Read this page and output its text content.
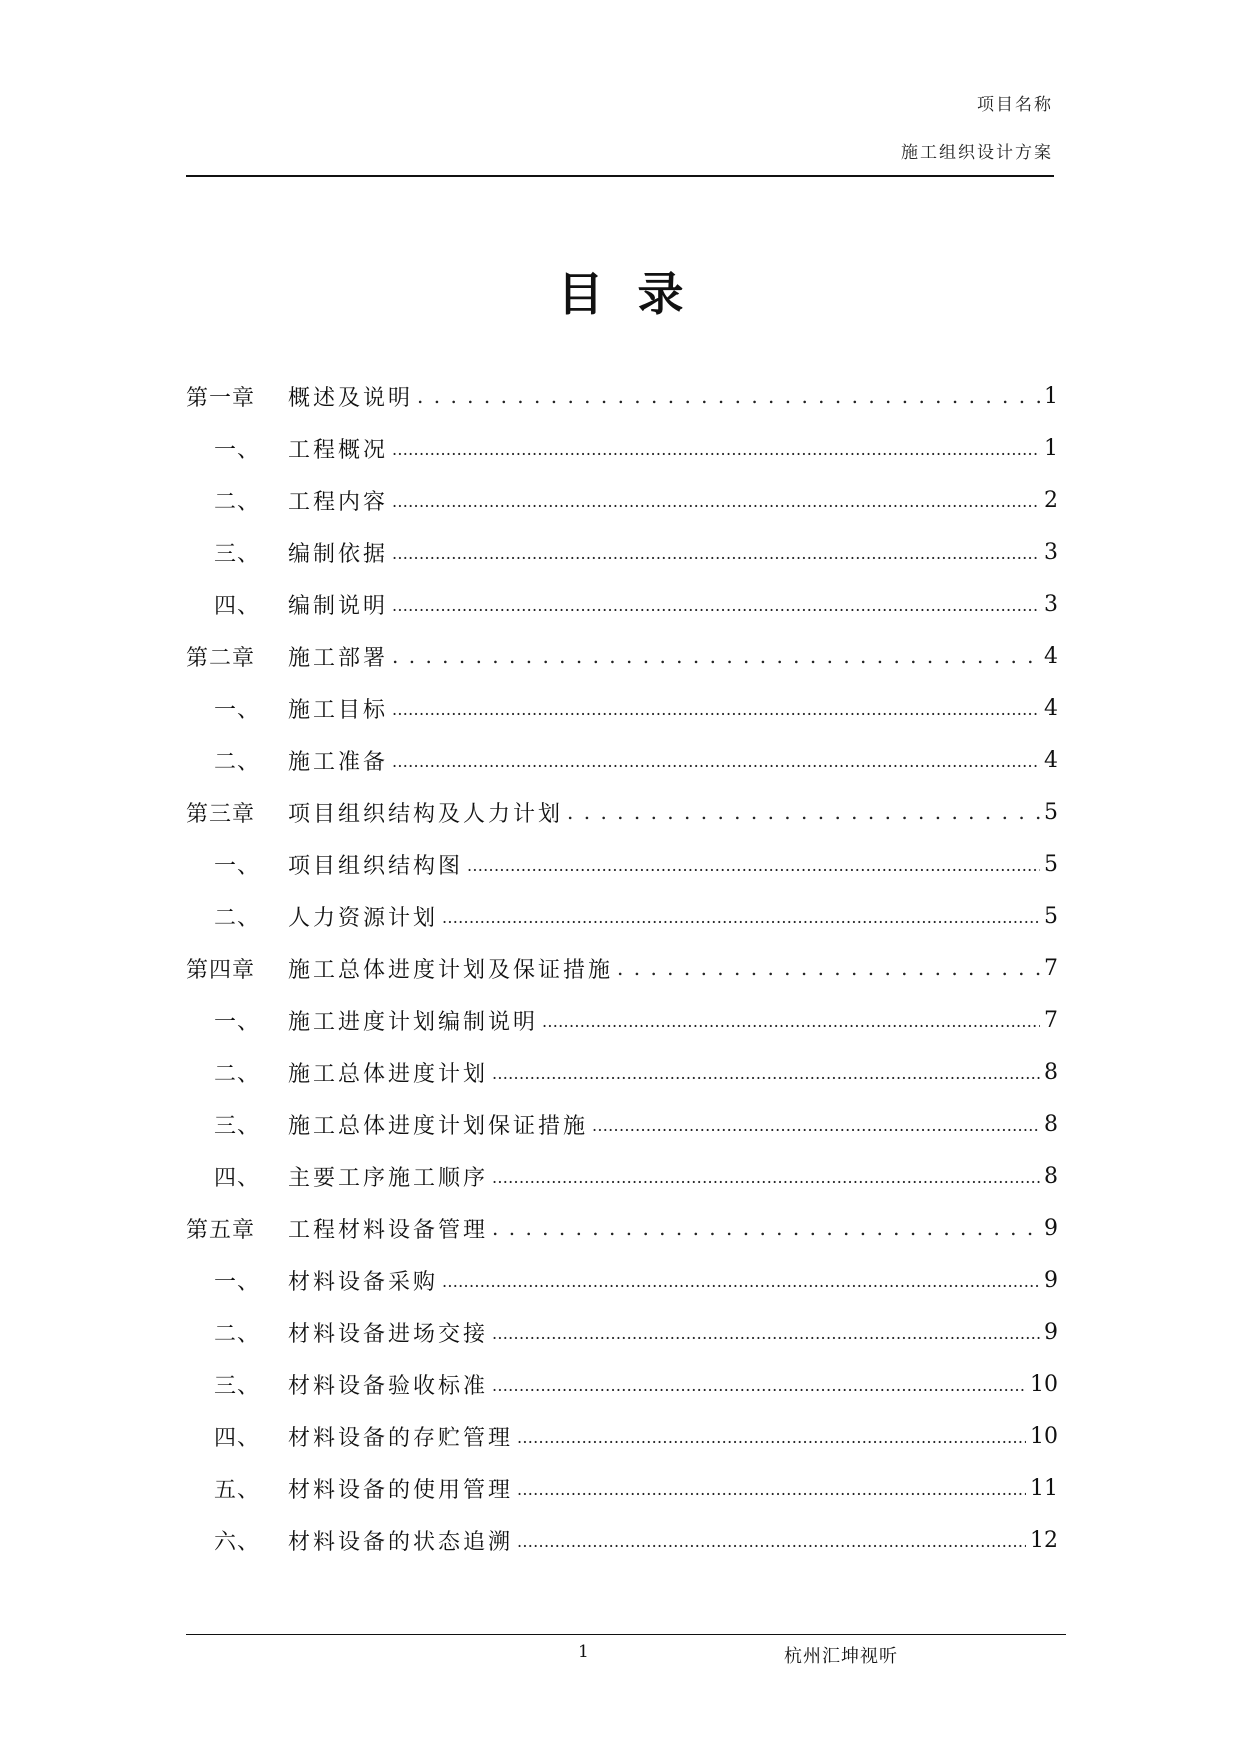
项目名称
施工组织设计方案
目录
第一章	概述及说明 . . .	1
一、	工程概况 .....	1
二、	工程内容 .....	2
三、	编制依据 .....	3
四、	编制说明 .....	3
第二章	施工部署 . . .	4
一、	施工目标 .....	4
二、	施工准备 .....	4
第三章	项目组织结构及人力计划 . . .	5
一、	项目组织结构图 .....	5
二、	人力资源计划 .....	5
第四章	施工总体进度计划及保证措施 . . .	7
一、	施工进度计划编制说明 .....	7
二、	施工总体进度计划 .....	8
三、	施工总体进度计划保证措施 .....	8
四、	主要工序施工顺序 .....	8
第五章	工程材料设备管理 . . .	9
一、	材料设备采购 .....	9
二、	材料设备进场交接 .....	9
三、	材料设备验收标准 .....	10
四、	材料设备的存贮管理 .....	10
五、	材料设备的使用管理 .....	11
六、	材料设备的状态追溯 .....	12
1	杭州汇坤视听
